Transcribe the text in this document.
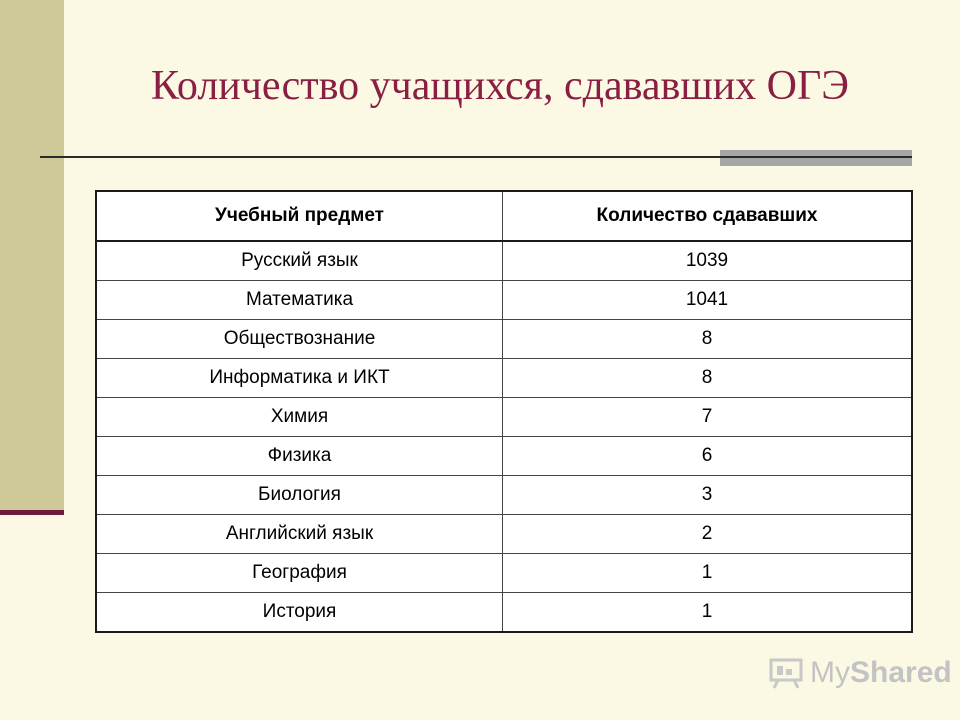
Количество учащихся, сдававших ОГЭ
Учебный предмет	Количество сдававших
Русский язык	1039
Математика	1041
Обществознание	8
Информатика и ИКТ	8
Химия	7
Физика	6
Биология	3
Английский язык	2
География	1
История	1
My Shared
